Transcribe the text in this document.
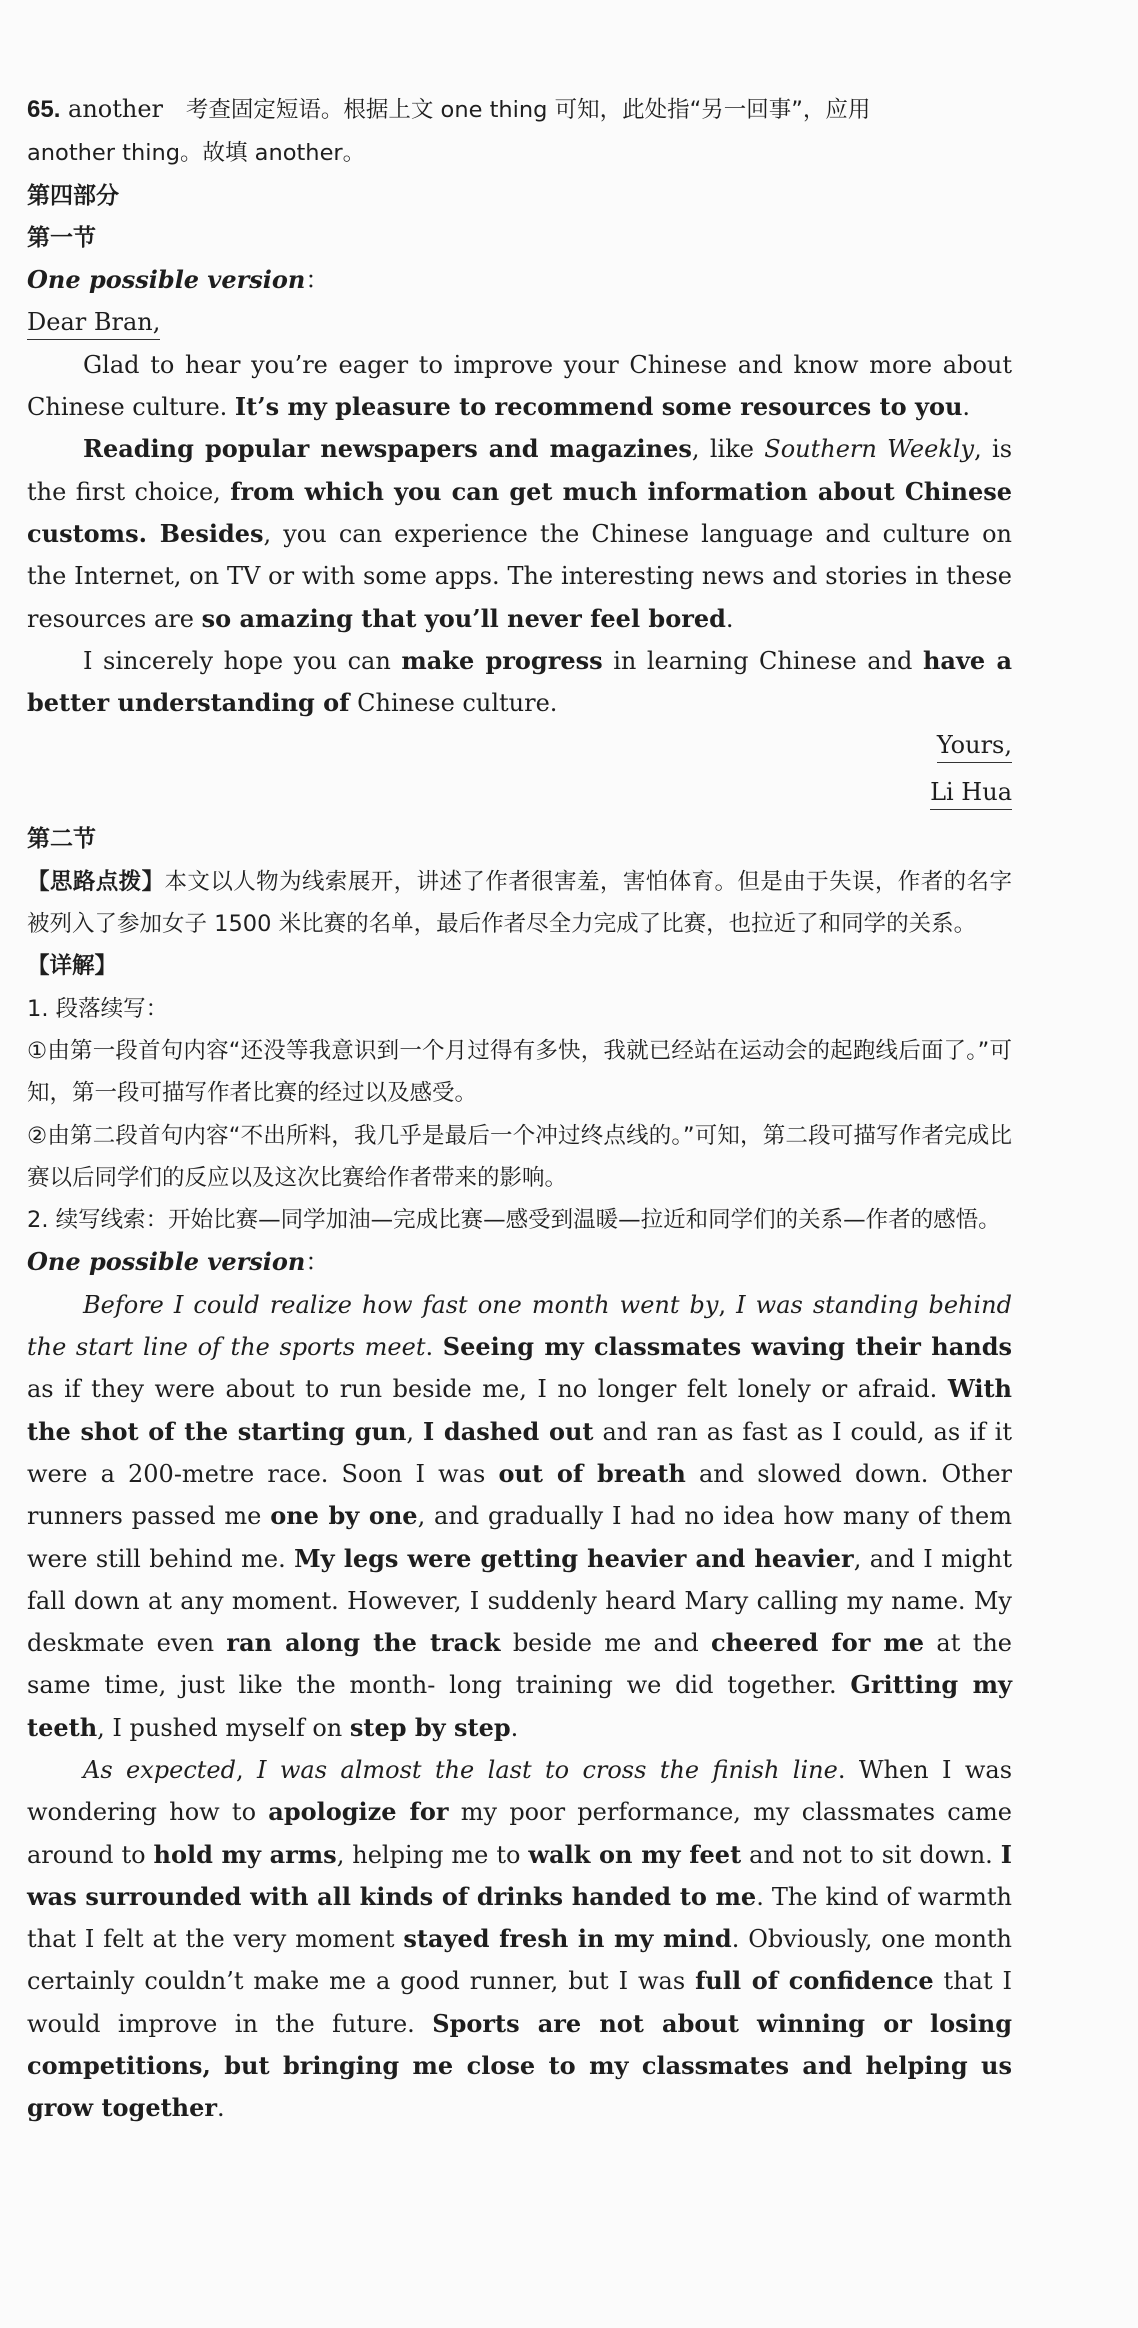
65. another 考查固定短语。根据上文 one thing 可知，此处指“另一回事”，应用
another thing。故填 another。

第四部分

第一节

One possible version：

Dear Bran,

Glad to hear you’re eager to improve your Chinese and know more about Chinese culture. It’s my pleasure to recommend some resources to you.

Reading popular newspapers and magazines, like Southern Weekly, is the first choice, from which you can get much information about Chinese customs. Besides, you can experience the Chinese language and culture on the Internet, on TV or with some apps. The interesting news and stories in these resources are so amazing that you’ll never feel bored.

I sincerely hope you can make progress in learning Chinese and have a better understanding of Chinese culture.

Yours,

Li Hua

第二节

【思路点拨】本文以人物为线索展开，讲述了作者很害羞，害怕体育。但是由于失误，作者的名字被列入了参加女子 1500 米比赛的名单，最后作者尽全力完成了比赛，也拉近了和同学的关系。

【详解】

1. 段落续写：

①由第一段首句内容“还没等我意识到一个月过得有多快，我就已经站在运动会的起跑线后面了。”可知，第一段可描写作者比赛的经过以及感受。

②由第二段首句内容“不出所料，我几乎是最后一个冲过终点线的。”可知，第二段可描写作者完成比赛以后同学们的反应以及这次比赛给作者带来的影响。

2. 续写线索：开始比赛—同学加油—完成比赛—感受到温暖—拉近和同学们的关系—作者的感悟。

One possible version：

Before I could realize how fast one month went by, I was standing behind the start line of the sports meet. Seeing my classmates waving their hands as if they were about to run beside me, I no longer felt lonely or afraid. With the shot of the starting gun, I dashed out and ran as fast as I could, as if it were a 200-metre race. Soon I was out of breath and slowed down. Other runners passed me one by one, and gradually I had no idea how many of them were still behind me. My legs were getting heavier and heavier, and I might fall down at any moment. However, I suddenly heard Mary calling my name. My deskmate even ran along the track beside me and cheered for me at the same time, just like the month- long training we did together. Gritting my teeth, I pushed myself on step by step.

As expected, I was almost the last to cross the finish line. When I was wondering how to apologize for my poor performance, my classmates came around to hold my arms, helping me to walk on my feet and not to sit down. I was surrounded with all kinds of drinks handed to me. The kind of warmth that I felt at the very moment stayed fresh in my mind. Obviously, one month certainly couldn’t make me a good runner, but I was full of confidence that I would improve in the future. Sports are not about winning or losing competitions, but bringing me close to my classmates and helping us grow together.
